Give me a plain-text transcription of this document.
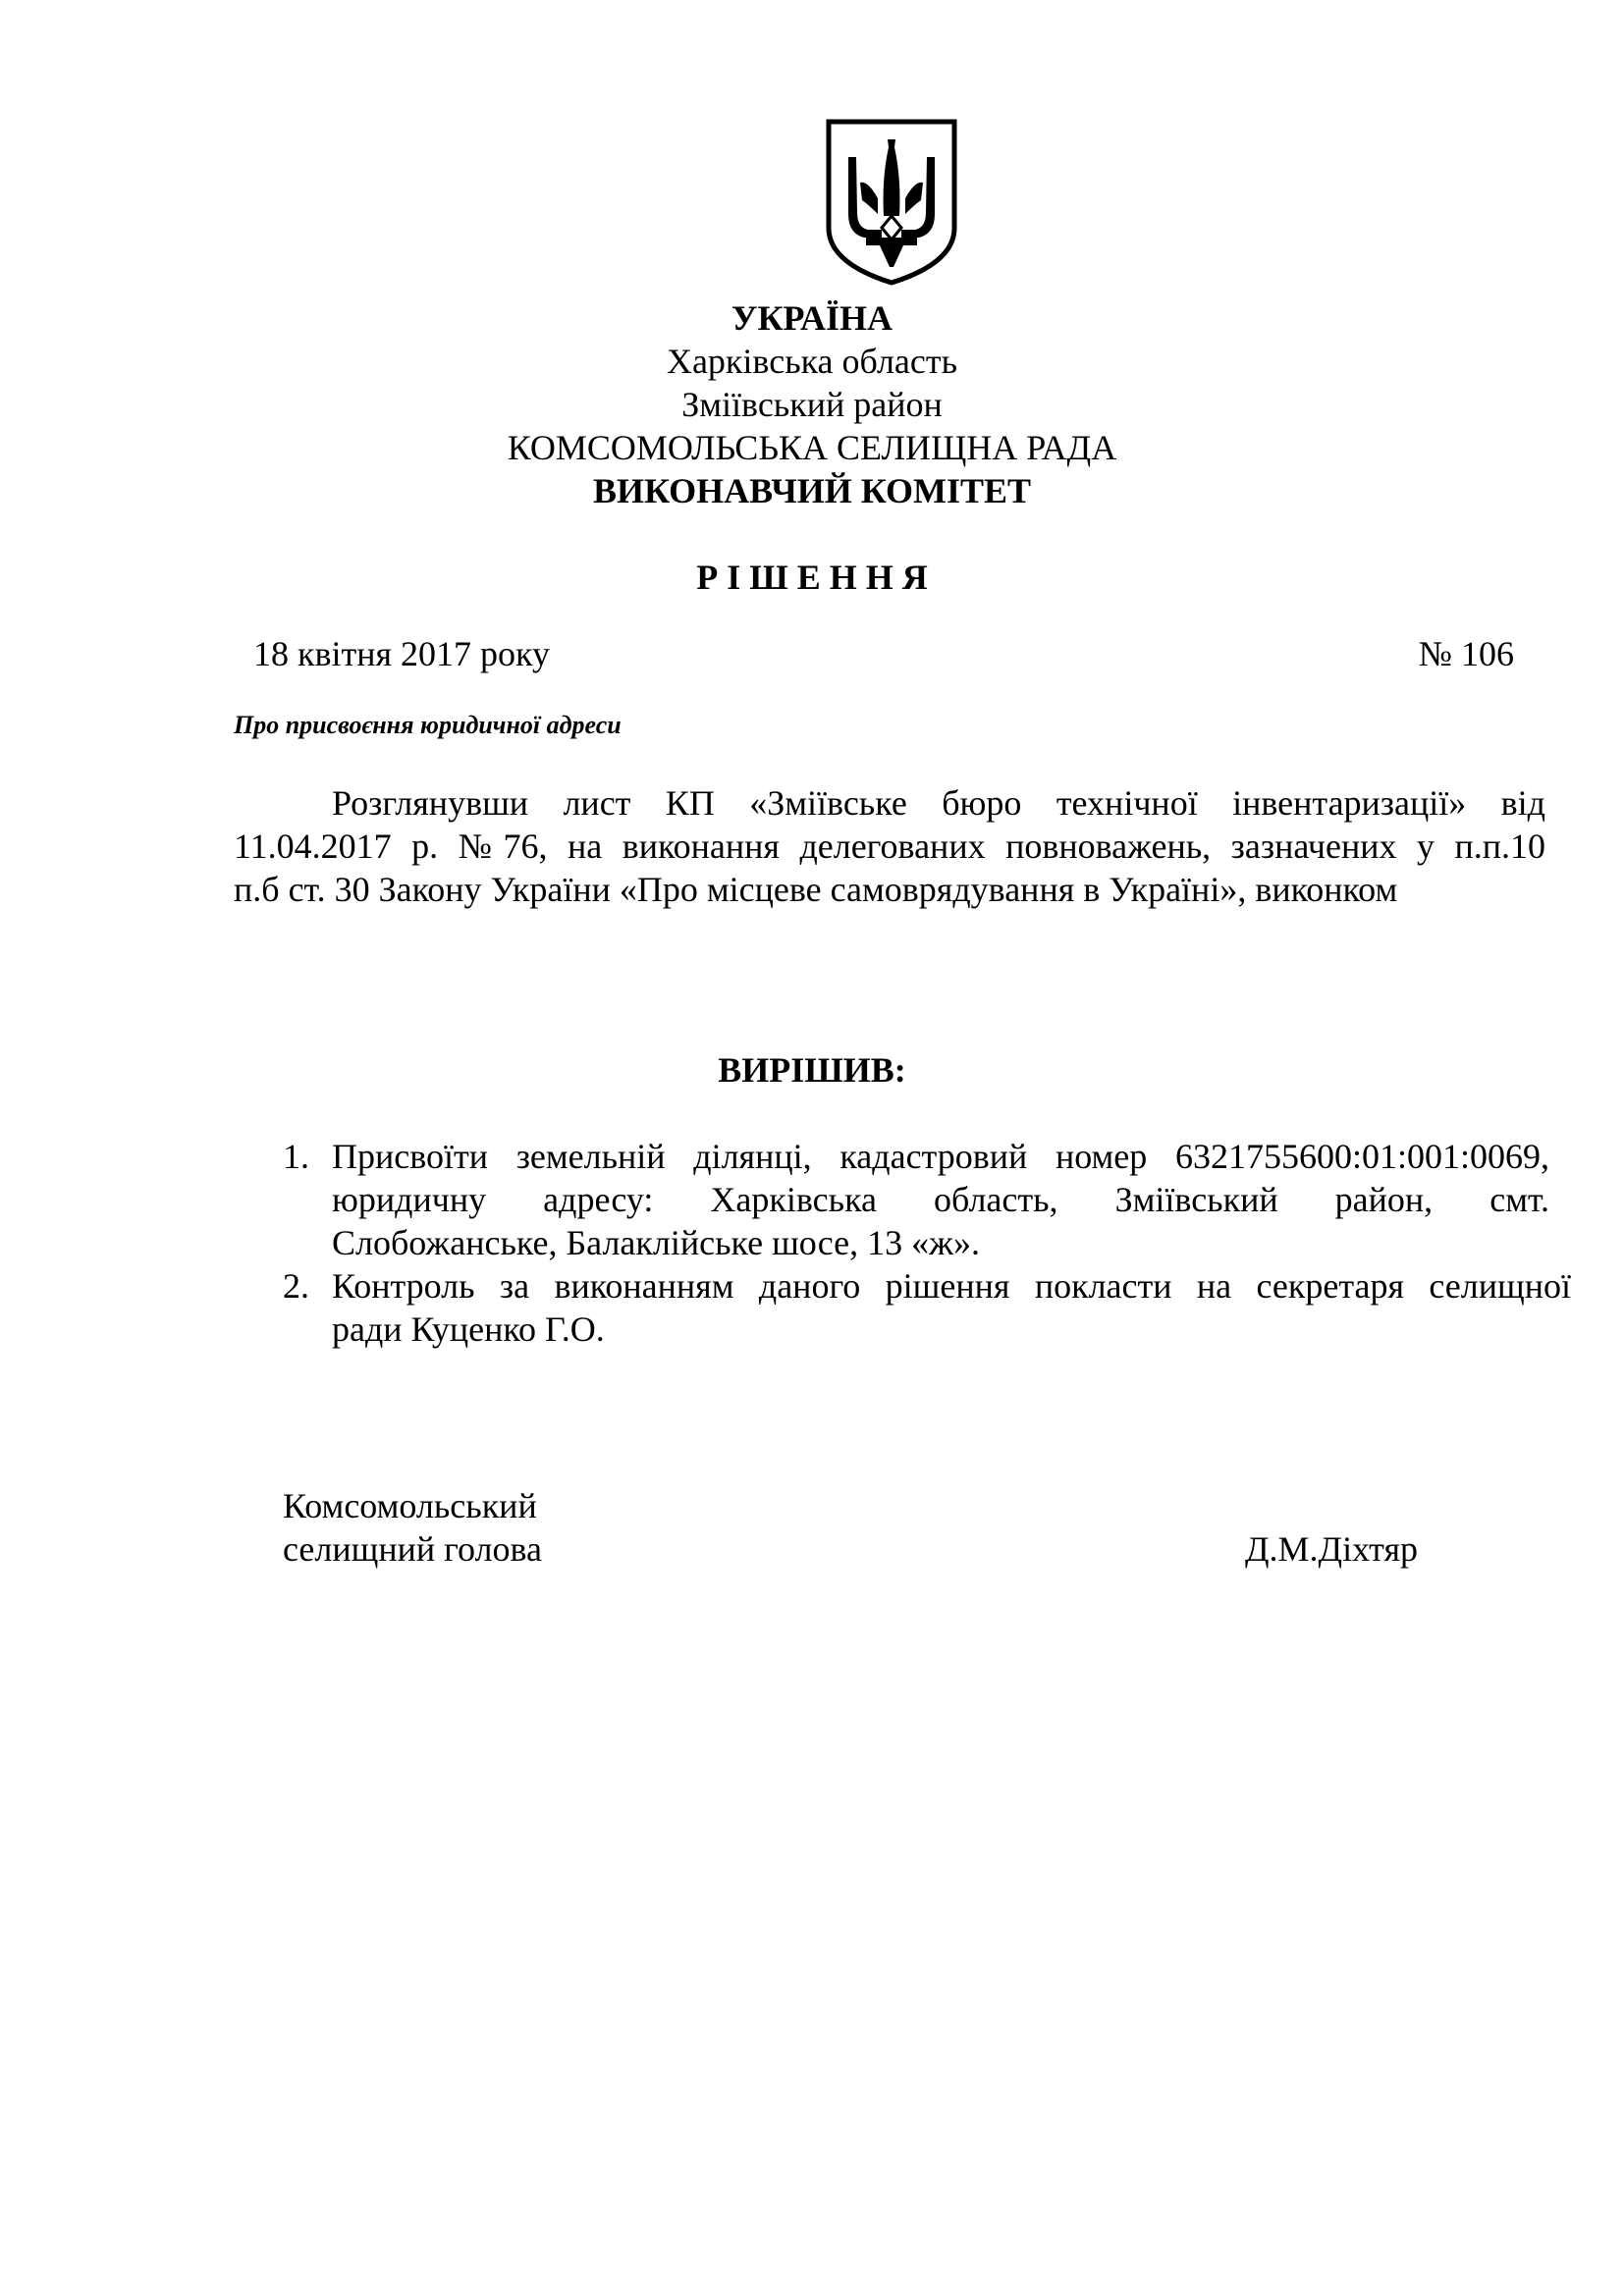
УКРАЇНА
Харківська область
Зміївський район
КОМСОМОЛЬСЬКА СЕЛИЩНА РАДА
ВИКОНАВЧИЙ КОМІТЕТ
Р І Ш Е Н Н Я
18 квітня 2017 року	№ 106
Про присвоєння юридичної адреси
Розглянувши лист КП «Зміївське бюро технічної інвентаризації» від
11.04.2017 р. №76, на виконання делегованих повноважень, зазначених у п.п.10
п.б ст. 30 Закону України «Про місцеве самоврядування в Україні», виконком
ВИРІШИВ:
1. Присвоїти земельній ділянці, кадастровий номер 6321755600:01:001:0069,
юридичну адресу: Харківська область, Зміївський район, смт.
Слобожанське, Балаклійське шосе, 13 «ж».
2. Контроль за виконанням даного рішення покласти на секретаря селищної
ради Куценко Г.О.
Комсомольський
селищний голова	Д.М.Діхтяр
